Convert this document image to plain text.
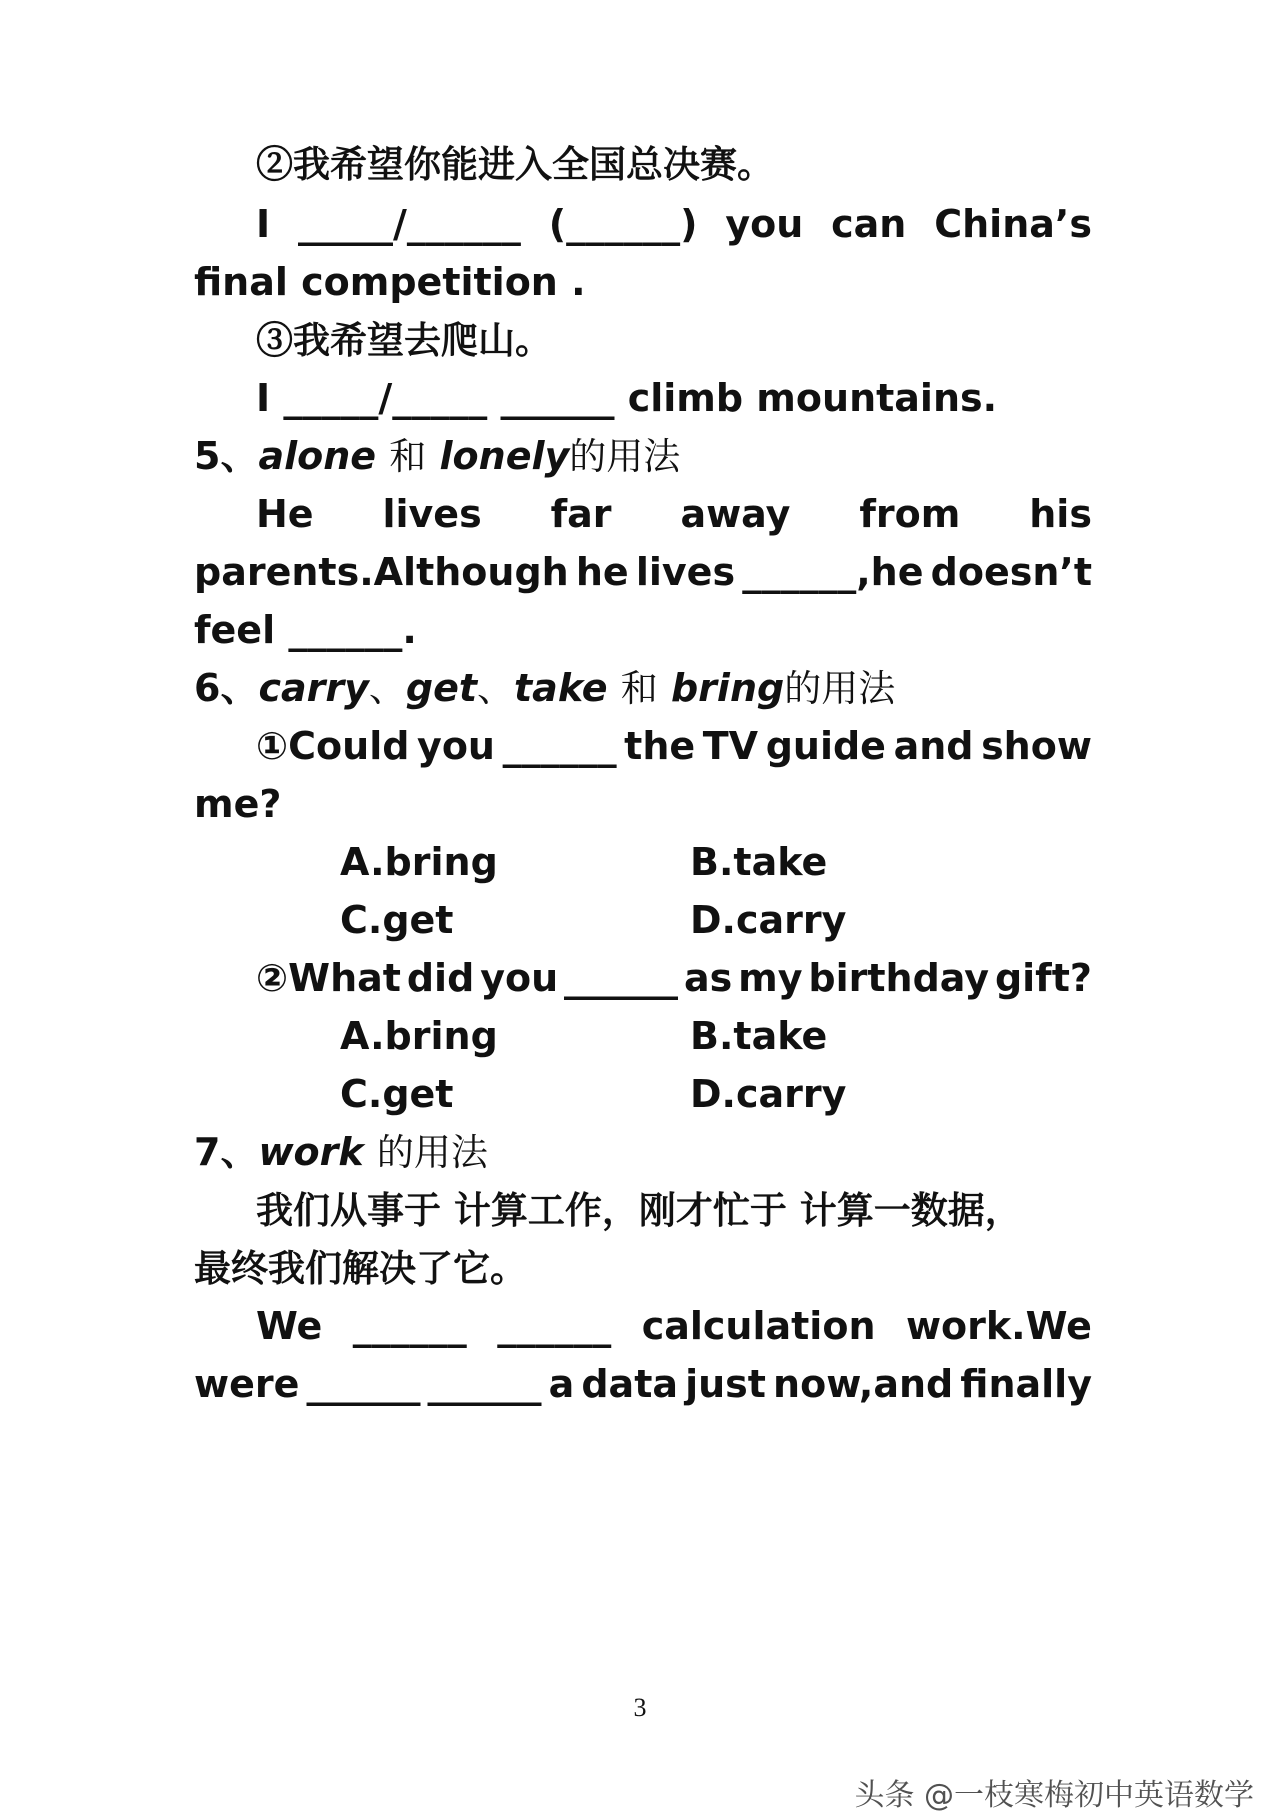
②我希望你能进入全国总决赛。
I _____/______ (______) you can China’s
final competition .
③我希望去爬山。
I _____/_____ ______ climb mountains.
5、alone 和 lonely的用法
He lives far away from his
parents.Although he lives ______,he doesn’t
feel ______.
6、carry、get、take 和 bring的用法
①Could you ______ the TV guide and show
me?
A.bring	B.take
C.get	D.carry
②What did you ______ as my birthday gift?
A.bring	B.take
C.get	D.carry
7、work 的用法
我们从事于 计算工作，刚才忙于 计算一数据，
最终我们解决了它。
We ______ ______ calculation work.We
were ______ ______ a data just now,and finally
3
头条 @一枝寒梅初中英语数学
